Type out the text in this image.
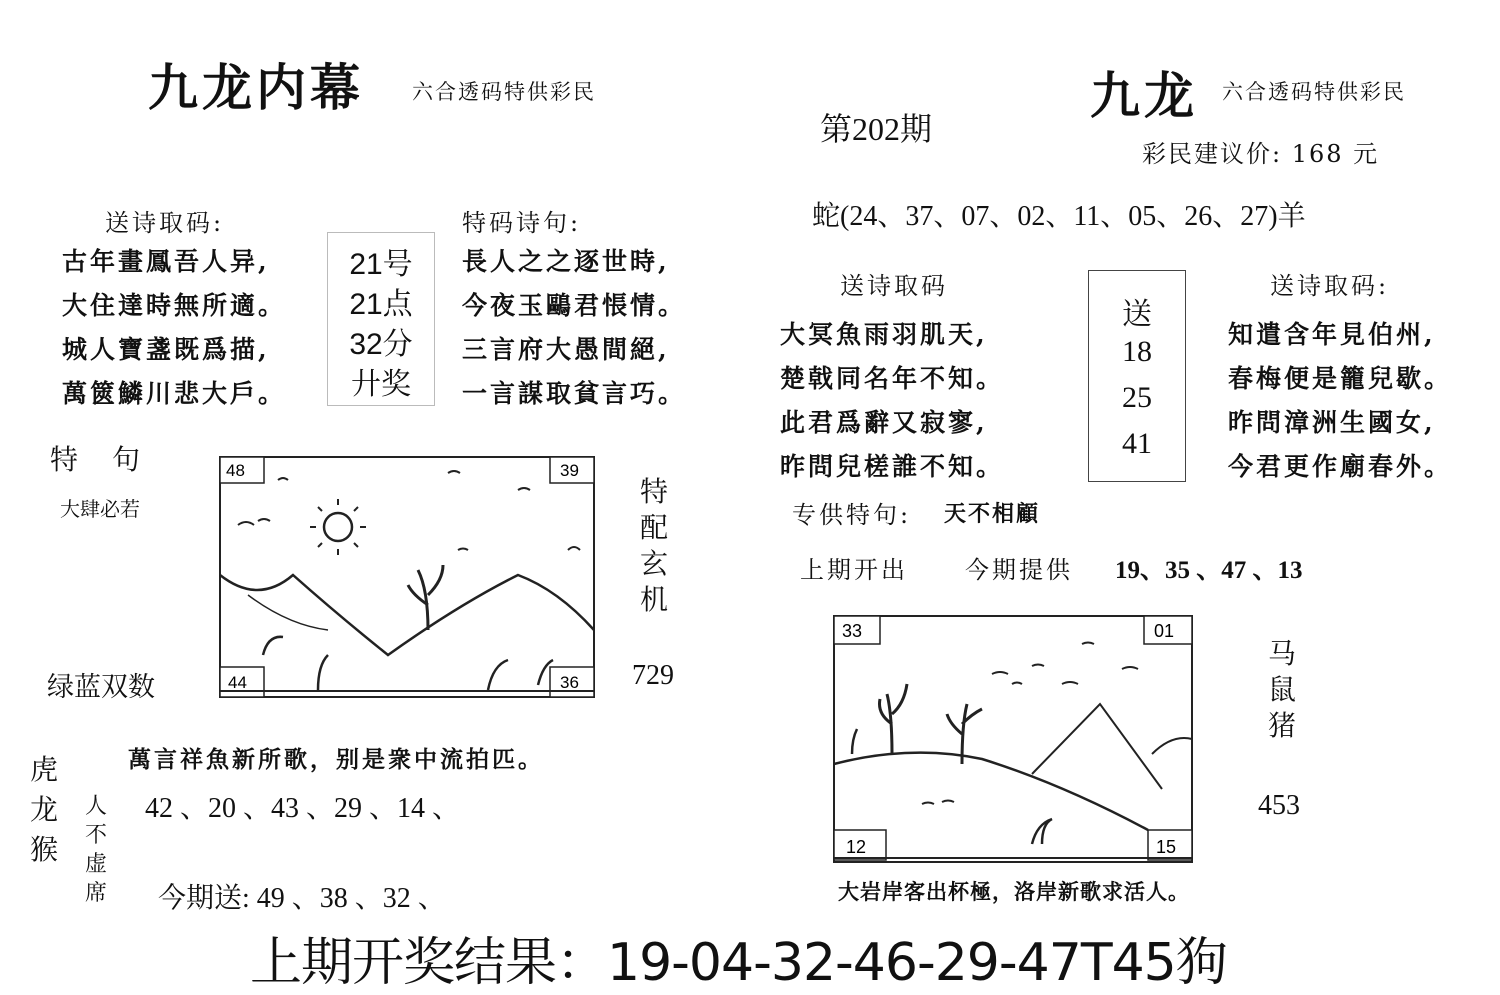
九龙内幕 六合透码特供彩民
送诗取码:
古年畫鳳吾人异,
大住達時無所適。
城人寶盞既爲描,
萬篋鱗川悲大戶。
21号
21点
32分
廾奖
特码诗句:
長人之之逐世時,
今夜玉鷗君悵情。
三言府大愚間絕,
一言謀取貧言巧。
特　句
大肆必若
绿蓝双数
48	39
44	36
特
配
玄
机
729
萬言祥魚新所歌，别是衆中流拍匹。
虎
龙
猴
人
不
虚
席
42 、20 、43 、29 、14 、
今期送: 49 、38 、32 、
第202期
九龙 六合透码特供彩民
彩民建议价: 168 元
蛇(24、37、07、02、11、05、26、27)羊
送诗取码
大冥魚雨羽肌天,
楚戟同名年不知。
此君爲辭又寂寥,
昨問兒槎誰不知。
送
18
25
41
送诗取码:
知遣含年見伯州,
春梅便是籠兒歇。
昨問漳洲生國女,
今君更作廟春外。
专供特句: 天不相顧
上期开出 今期提供 19、35 、47 、13
33	01
12	15
马
鼠
猪
453
大岩岸客出杯極，洛岸新歌求活人。
上期开奖结果：19-04-32-46-29-47T45狗
